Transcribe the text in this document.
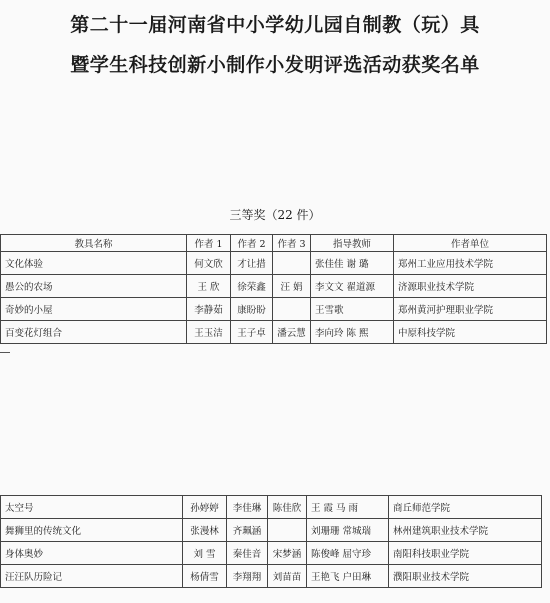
第二十一届河南省中小学幼儿园自制教（玩）具
暨学生科技创新小制作小发明评选活动获奖名单
三等奖（22 件）
教具名称	作者 1	作者 2	作者 3	指导教师	作者单位
文化体验	何文欣	才让措		张佳佳 谢 璐	郑州工业应用技术学院
愚公的农场	王 欣	徐荣鑫	汪 娟	李文文 翟道源	济源职业技术学院
奇妙的小屋	李静茹	康盼盼		王雪歌	郑州黄河护理职业学院
百变花灯组合	王玉洁	王子卓	潘云慧	李向玲 陈 熙	中原科技学院
太空号	孙婷婷	李佳琳	陈佳欣	王 霞 马 雨	商丘师范学院
舞狮里的传统文化	张漫林	齐珮涵		刘珊珊 常城瑞	林州建筑职业技术学院
身体奥妙	刘 雪	秦佳音	宋梦涵	陈俊峰 屈守珍	南阳科技职业学院
汪汪队历险记	杨倩雪	李翔翔	刘苗苗	王艳飞 户田琳	濮阳职业技术学院
